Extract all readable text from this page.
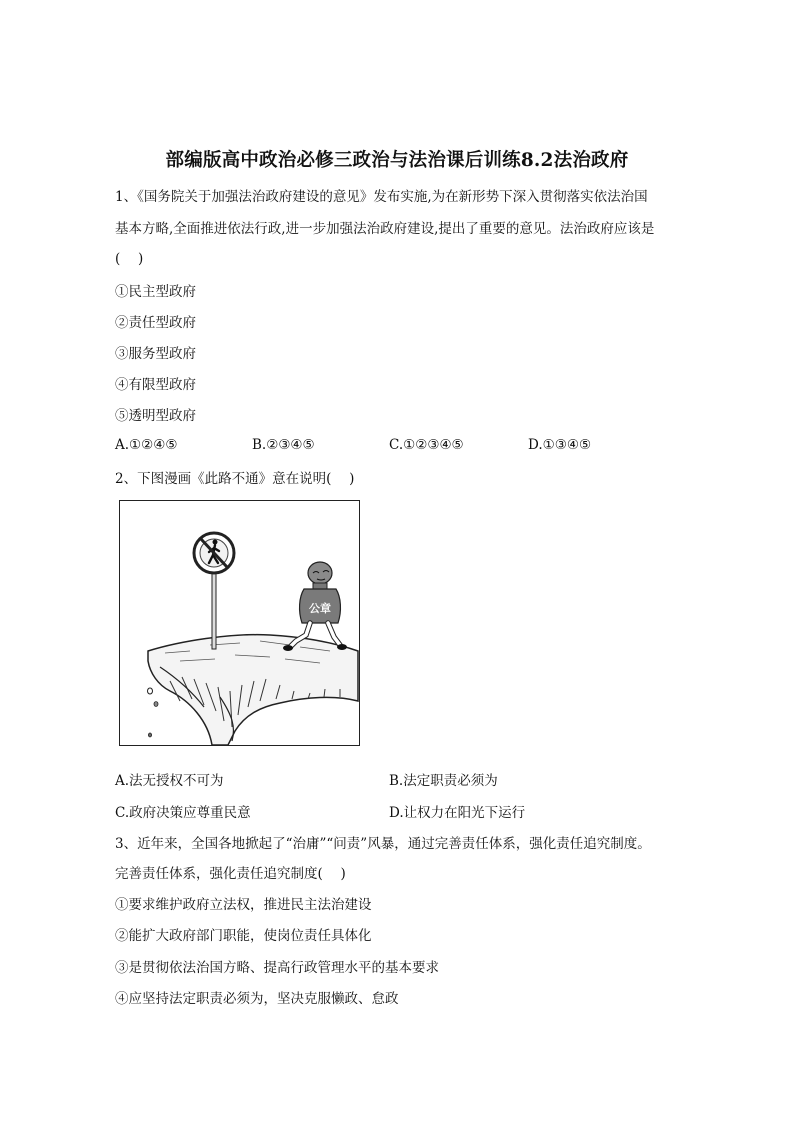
部编版高中政治必修三政治与法治课后训练8.2法治政府
1、《国务院关于加强法治政府建设的意见》发布实施,为在新形势下深入贯彻落实依法治国
基本方略,全面推进依法行政,进一步加强法治政府建设,提出了重要的意见。法治政府应该是
(　 )
①民主型政府
②责任型政府
③服务型政府
④有限型政府
⑤透明型政府
A.①②④⑤	B.②③④⑤	C.①②③④⑤	D.①③④⑤
2、下图漫画《此路不通》意在说明(　 )
公章
A.法无授权不可为	B.法定职责必须为
C.政府决策应尊重民意	D.让权力在阳光下运行
3、近年来，全国各地掀起了“治庸”“问责”风暴，通过完善责任体系，强化责任追究制度。
完善责任体系，强化责任追究制度(　 )
①要求维护政府立法权，推进民主法治建设
②能扩大政府部门职能，使岗位责任具体化
③是贯彻依法治国方略、提高行政管理水平的基本要求
④应坚持法定职责必须为，坚决克服懒政、怠政
